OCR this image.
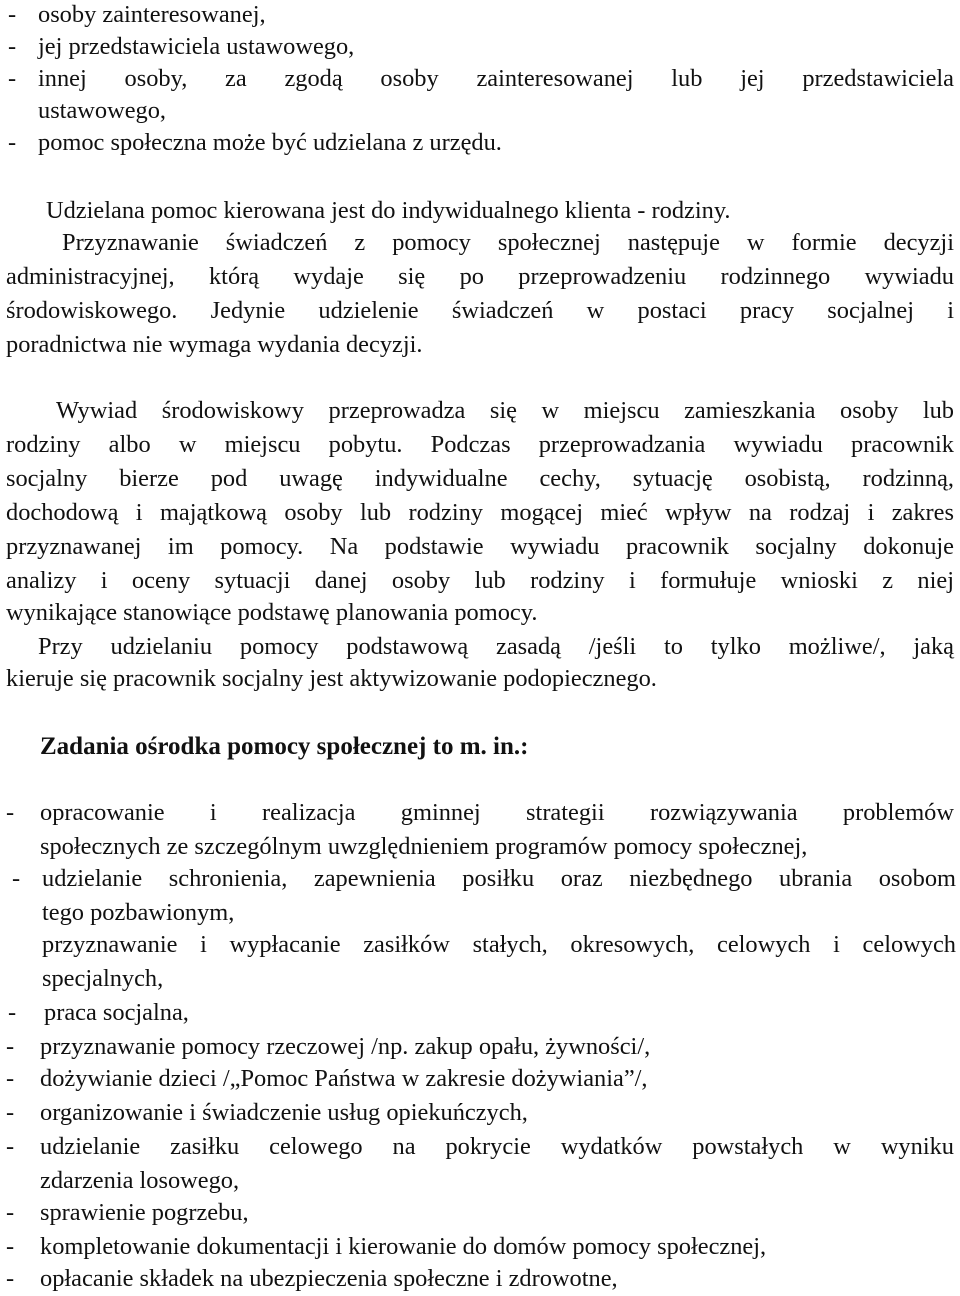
- osoby zainteresowanej,
- jej przedstawiciela ustawowego,
- innej osoby, za zgodą osoby zainteresowanej lub jej przedstawiciela
ustawowego,
- pomoc społeczna może być udzielana z urzędu.
Udzielana pomoc kierowana jest do indywidualnego klienta - rodziny.
Przyznawanie świadczeń z pomocy społecznej następuje w formie decyzji
administracyjnej, którą wydaje się po przeprowadzeniu rodzinnego wywiadu
środowiskowego. Jedynie udzielenie świadczeń w postaci pracy socjalnej i
poradnictwa nie wymaga wydania decyzji.
Wywiad środowiskowy przeprowadza się w miejscu zamieszkania osoby lub
rodziny albo w miejscu pobytu. Podczas przeprowadzania wywiadu pracownik
socjalny bierze pod uwagę indywidualne cechy, sytuację osobistą, rodzinną,
dochodową i majątkową osoby lub rodziny mogącej mieć wpływ na rodzaj i zakres
przyznawanej im pomocy. Na podstawie wywiadu pracownik socjalny dokonuje
analizy i oceny sytuacji danej osoby lub rodziny i formułuje wnioski z niej
wynikające stanowiące podstawę planowania pomocy.
Przy udzielaniu pomocy podstawową zasadą /jeśli to tylko możliwe/, jaką
kieruje się pracownik socjalny jest aktywizowanie podopiecznego.
Zadania ośrodka pomocy społecznej to m. in.:
- opracowanie i realizacja gminnej strategii rozwiązywania problemów
społecznych ze szczególnym uwzględnieniem programów pomocy społecznej,
- udzielanie schronienia, zapewnienia posiłku oraz niezbędnego ubrania osobom
tego pozbawionym,
przyznawanie i wypłacanie zasiłków stałych, okresowych, celowych i celowych
specjalnych,
- praca socjalna,
- przyznawanie pomocy rzeczowej /np. zakup opału, żywności/,
- dożywianie dzieci /„Pomoc Państwa w zakresie dożywiania”/,
- organizowanie i świadczenie usług opiekuńczych,
- udzielanie zasiłku celowego na pokrycie wydatków powstałych w wyniku
zdarzenia losowego,
- sprawienie pogrzebu,
- kompletowanie dokumentacji i kierowanie do domów pomocy społecznej,
- opłacanie składek na ubezpieczenia społeczne i zdrowotne,
